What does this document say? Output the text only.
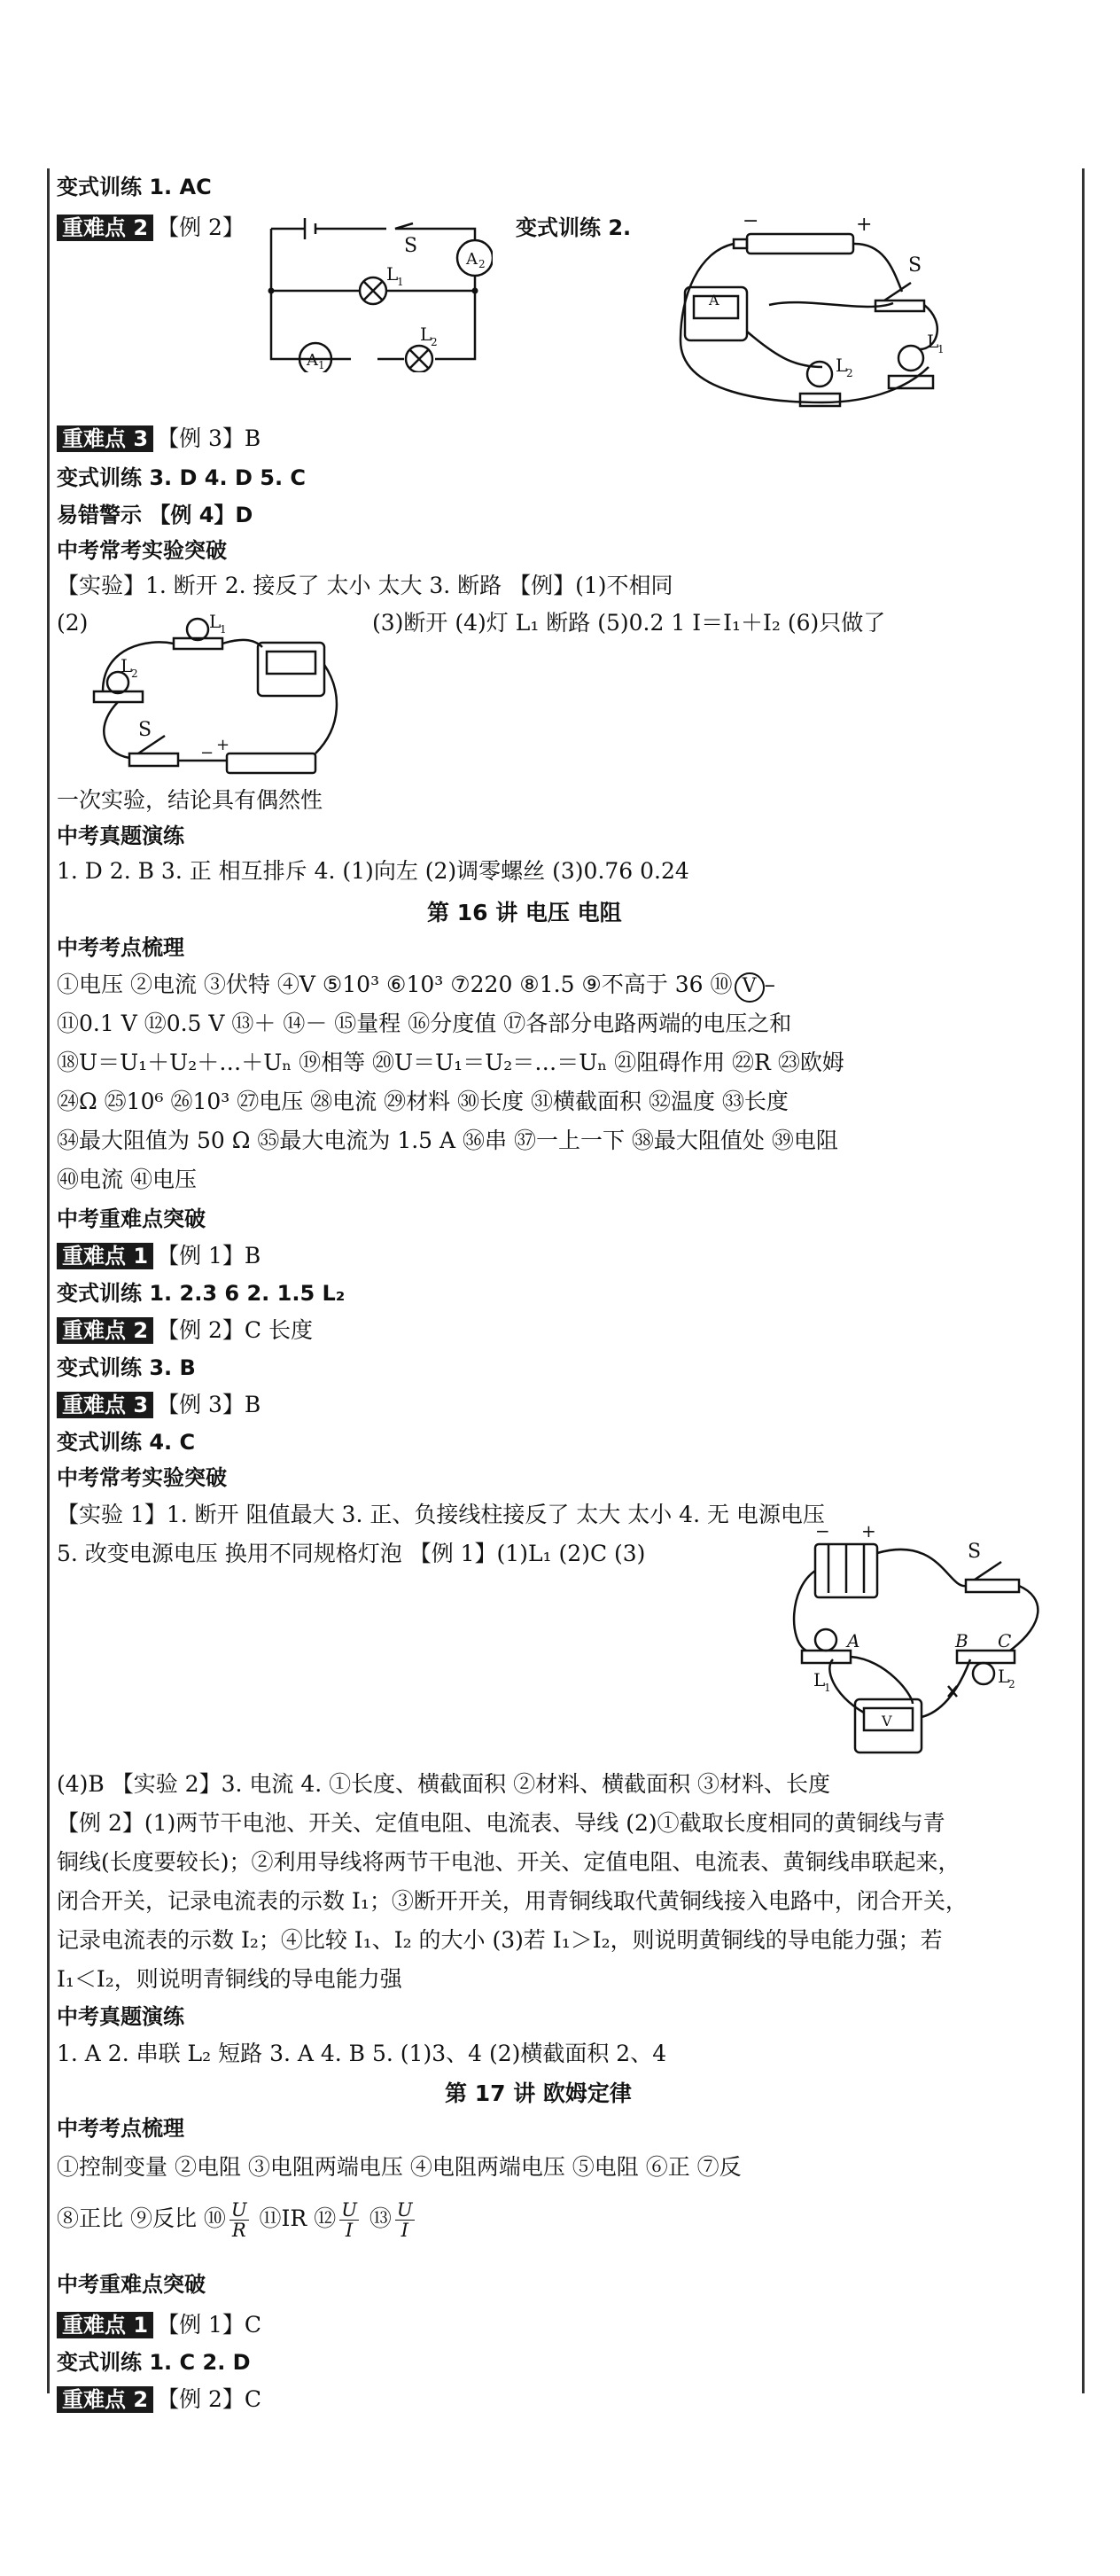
变式训练 1. AC
重难点 2 【例 2】	变式训练 2.
S
A 2
L
1
L
2
A 1
−	+
S
A
L
2
L
1
重难点 3 【例 3】B
变式训练 3. D 4. D 5. C
易错警示 【例 4】D
中考常考实验突破
【实验】1. 断开 2. 接反了 太小 太大 3. 断路 【例】(1)不相同
(2)	(3)断开 (4)灯 L₁ 断路 (5)0.2 1 I＝I₁＋I₂ (6)只做了
L
1
L
2
S
− +
一次实验，结论具有偶然性
中考真题演练
1. D 2. B 3. 正 相互排斥 4. (1)向左 (2)调零螺丝 (3)0.76 0.24
第 16 讲 电压 电阻
中考考点梳理
①电压 ②电流 ③伏特 ④V ⑤10³ ⑥10³ ⑦220 ⑧1.5 ⑨不高于 36 ⑩ V –
⑪0.1 V ⑫0.5 V ⑬＋ ⑭－ ⑮量程 ⑯分度值 ⑰各部分电路两端的电压之和
⑱U＝U₁＋U₂＋…＋Uₙ ⑲相等 ⑳U＝U₁＝U₂＝…＝Uₙ ㉑阻碍作用 ㉒R ㉓欧姆
㉔Ω ㉕10⁶ ㉖10³ ㉗电压 ㉘电流 ㉙材料 ㉚长度 ㉛横截面积 ㉜温度 ㉝长度
㉞最大阻值为 50 Ω ㉟最大电流为 1.5 A ㊱串 ㊲一上一下 ㊳最大阻值处 ㊴电阻
㊵电流 ㊶电压
中考重难点突破
重难点 1 【例 1】B
变式训练 1. 2.3 6 2. 1.5 L₂
重难点 2 【例 2】C 长度
变式训练 3. B
重难点 3 【例 3】B
变式训练 4. C
中考常考实验突破
【实验 1】1. 断开 阻值最大 3. 正、负接线柱接反了 太大 太小 4. 无 电源电压
5. 改变电源电压 换用不同规格灯泡 【例 1】(1)L₁ (2)C (3)
− +
S
A	B C
L
1
L
2
V
(4)B 【实验 2】3. 电流 4. ①长度、横截面积 ②材料、横截面积 ③材料、长度
【例 2】(1)两节干电池、开关、定值电阻、电流表、导线 (2)①截取长度相同的黄铜线与青
铜线(长度要较长)；②利用导线将两节干电池、开关、定值电阻、电流表、黄铜线串联起来，
闭合开关，记录电流表的示数 I₁；③断开开关，用青铜线取代黄铜线接入电路中，闭合开关，
记录电流表的示数 I₂；④比较 I₁、I₂ 的大小 (3)若 I₁＞I₂，则说明黄铜线的导电能力强；若
I₁＜I₂，则说明青铜线的导电能力强
中考真题演练
1. A 2. 串联 L₂ 短路 3. A 4. B 5. (1)3、4 (2)横截面积 2、4
第 17 讲 欧姆定律
中考考点梳理
①控制变量 ②电阻 ③电阻两端电压 ④电阻两端电压 ⑤电阻 ⑥正 ⑦反
⑧正比 ⑨反比 ⑩ $\frac{U}{R}$ ⑪IR ⑫ $\frac{U}{I}$ ⑬ $\frac{U}{I}$
中考重难点突破
重难点 1 【例 1】C
变式训练 1. C 2. D
重难点 2 【例 2】C
